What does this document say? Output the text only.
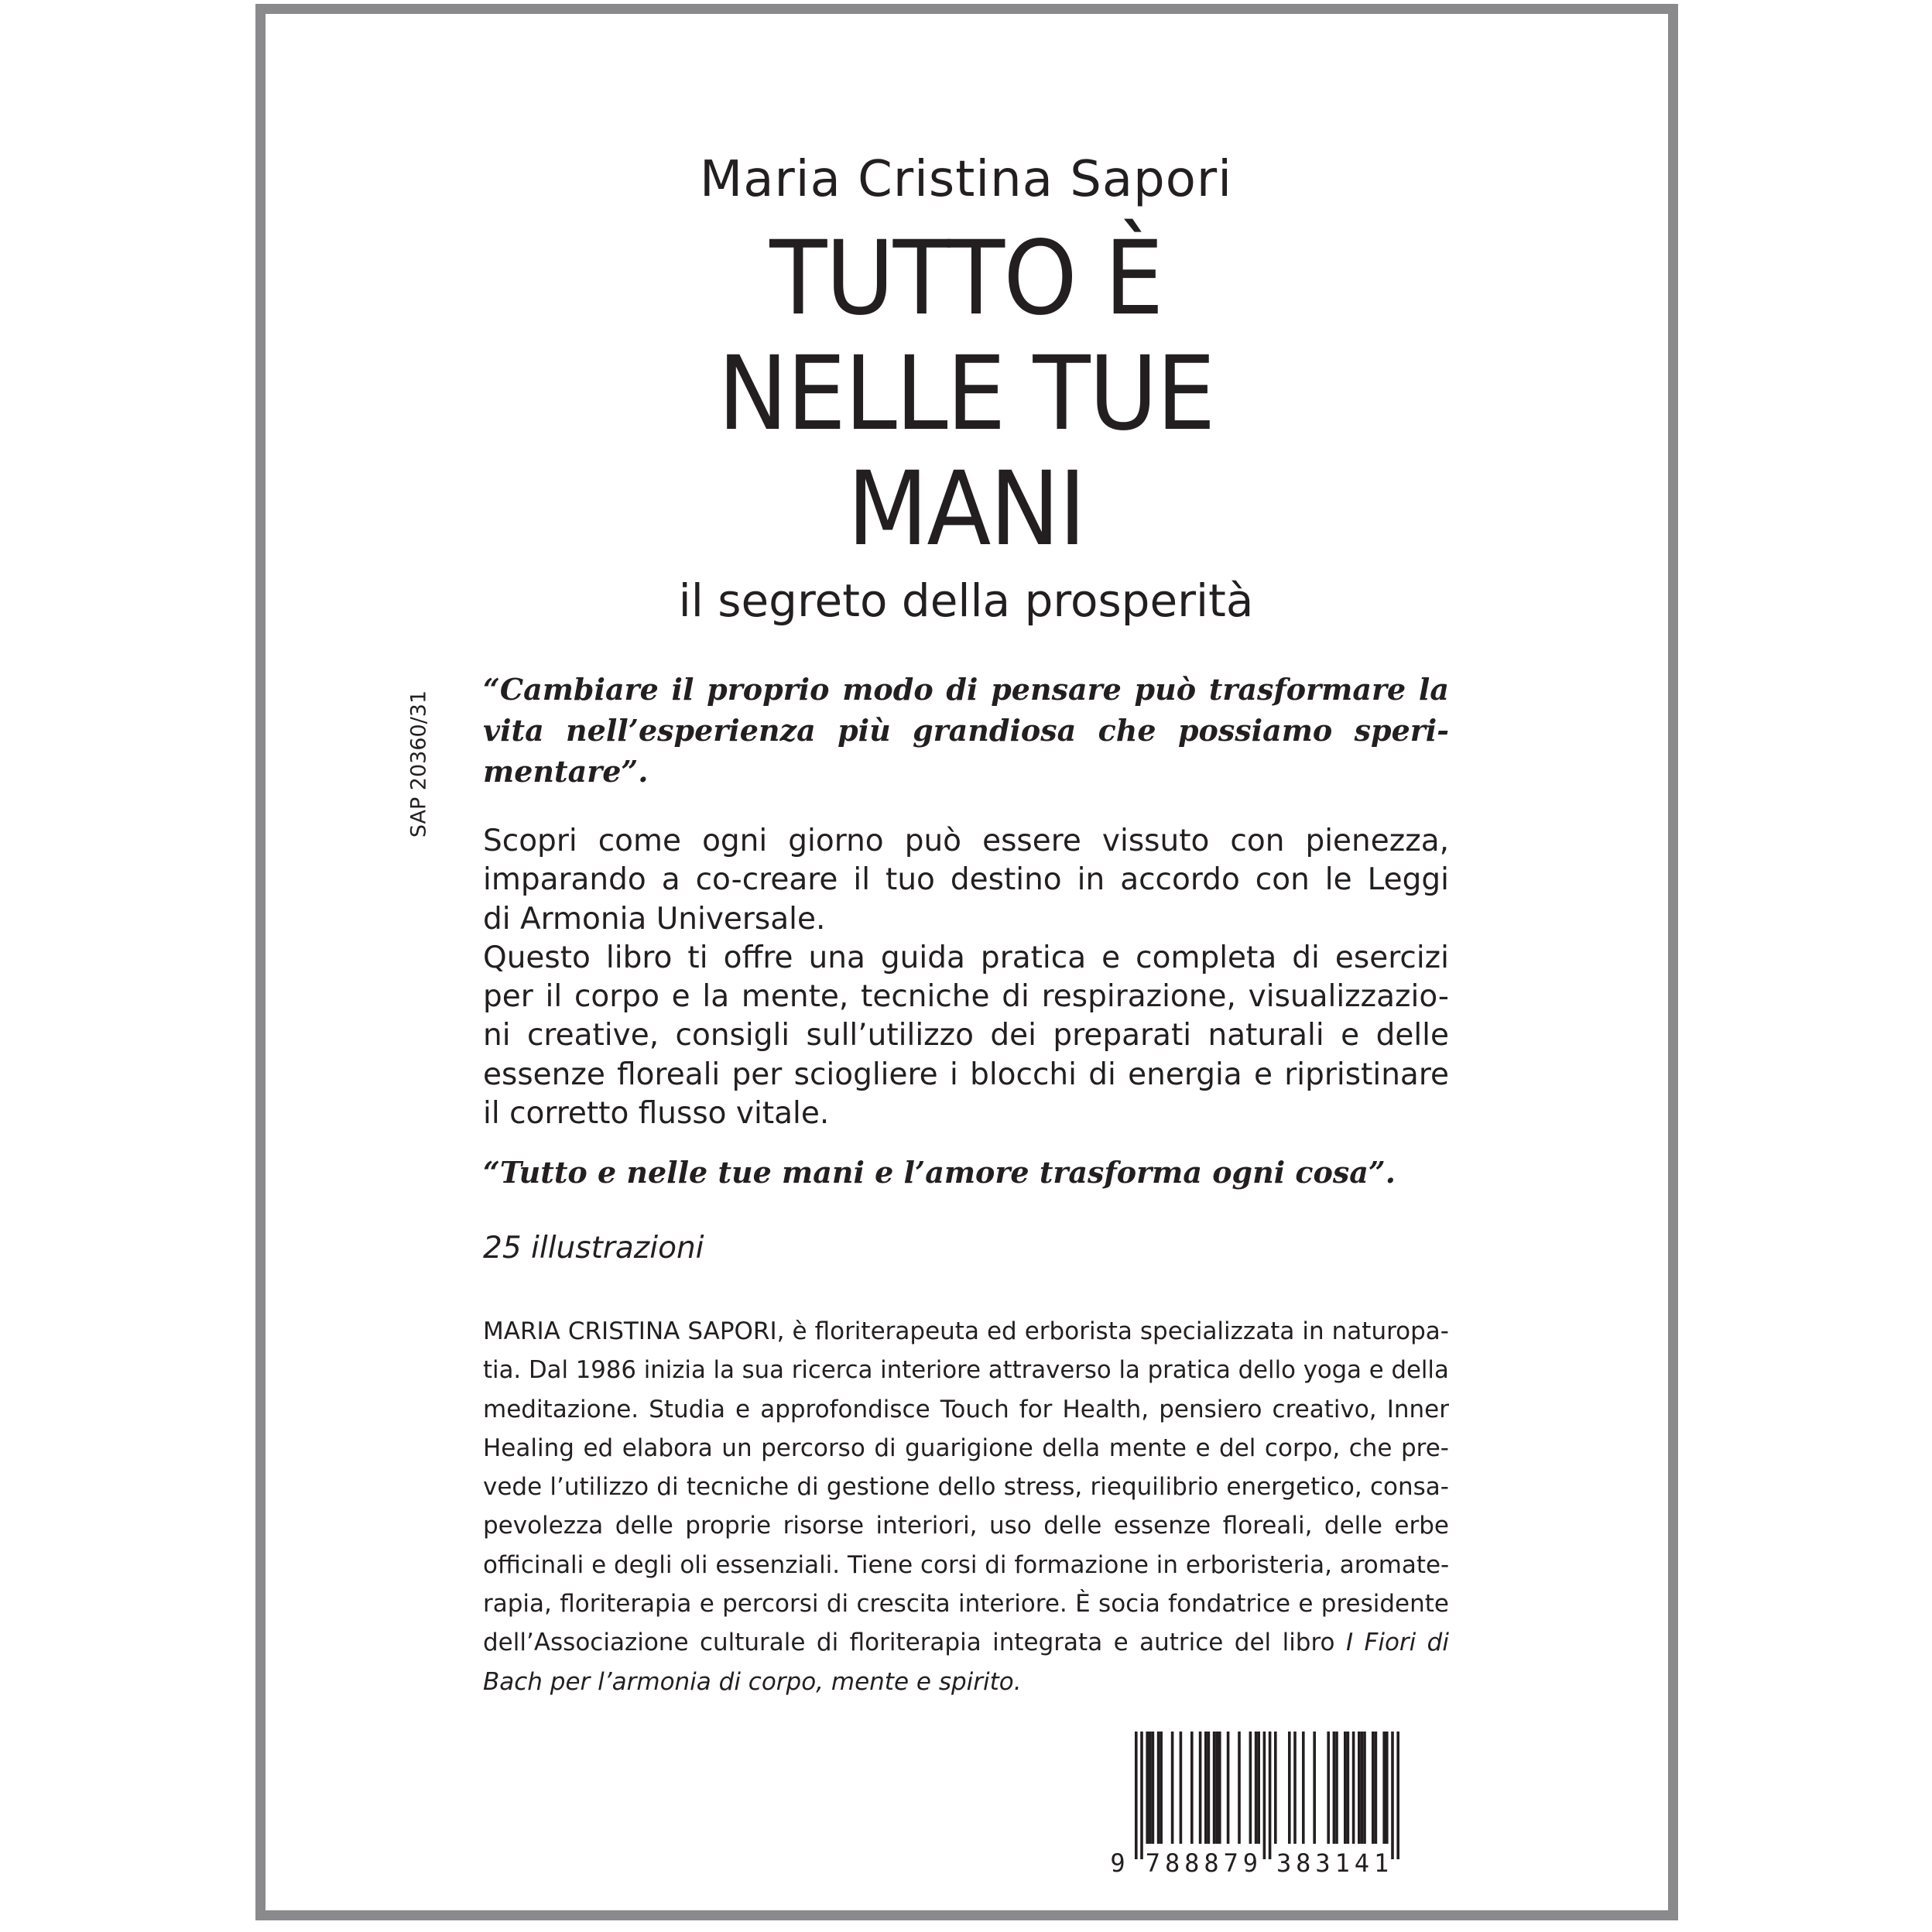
Maria Cristina Sapori
TUTTO È
NELLE TUE
MANI
il segreto della prosperità
SAP 20360/31
“Cambiare il proprio modo di pensare può trasformare la
vita nell’esperienza più grandiosa che possiamo speri-
mentare”.
Scopri come ogni giorno può essere vissuto con pienezza,
imparando a co-creare il tuo destino in accordo con le Leggi
di Armonia Universale.
Questo libro ti offre una guida pratica e completa di esercizi
per il corpo e la mente, tecniche di respirazione, visualizzazio-
ni creative, consigli sull’utilizzo dei preparati naturali e delle
essenze floreali per sciogliere i blocchi di energia e ripristinare
il corretto flusso vitale.
“Tutto e nelle tue mani e l’amore trasforma ogni cosa”.
25 illustrazioni
MARIA CRISTINA SAPORI, è floriterapeuta ed erborista specializzata in naturopa-
tia. Dal 1986 inizia la sua ricerca interiore attraverso la pratica dello yoga e della
meditazione. Studia e approfondisce Touch for Health, pensiero creativo, Inner
Healing ed elabora un percorso di guarigione della mente e del corpo, che pre-
vede l’utilizzo di tecniche di gestione dello stress, riequilibrio energetico, consa-
pevolezza delle proprie risorse interiori, uso delle essenze floreali, delle erbe
officinali e degli oli essenziali. Tiene corsi di formazione in erboristeria, aromate-
rapia, floriterapia e percorsi di crescita interiore. È socia fondatrice e presidente
dell’Associazione culturale di floriterapia integrata e autrice del libro I Fiori di
Bach per l’armonia di corpo, mente e spirito.
9 7 8 8 8 7 9 3 8 3 1 4 1
